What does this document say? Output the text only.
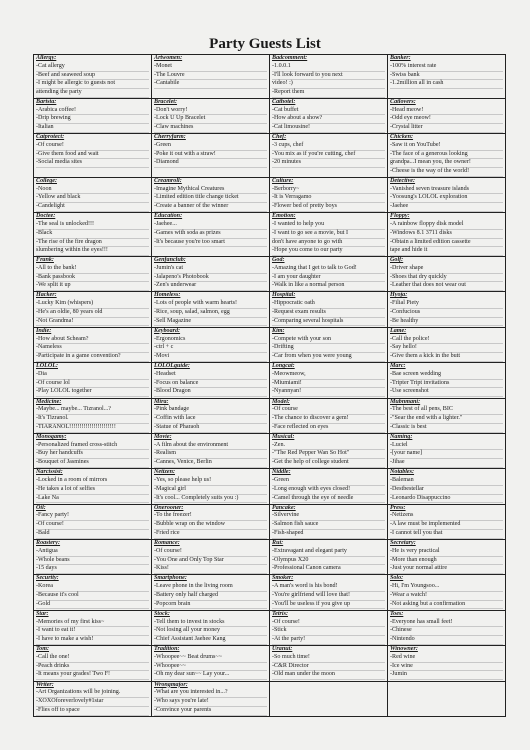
Party Guests List
Allergy:
-Cat allergy
-Beef and seaweed soup
-I might be allergic to guests not
attending the party
Artwomen:
-Monet
-The Louvre
-Cantabile
Badcomment:
-1.0.0.1
-I'll look forward to you next
video! :)
-Report them
Banker:
-100% interest rate
-Swiss bank
-1.2million all in cash
Barista:
-Arabica coffee!
-Drip brewing
-Italian
Bracelet:
-Don't worry!
-Lock U Up Bracelet
-Claw machines
Cathotel:
-Cat buffet
-How about a show?
-Cat limousine!
Catlovers:
-Head meow!
-Odd eye meow!
-Crystal litter
Catprotect:
-Of course!
-Give them food and wait
-Social media sites
Cherryfarm:
-Green
-Poke it out with a straw!
-Diamond
Chef:
-3 cups, chef
-You mix as if you're cutting, chef
-20 minutes
Chicken:
-Saw it on YouTube!
-The face of a generous looking
grandpa...I mean you, the owner!
-Cheese is the way of the world!
College:
-Noon
-Yellow and black
-Candelight
Creamroll:
-Imagine Mythical Creatures
-Limited edition title change ticket
-Create a banner of the winner
Culture:
-Berborry~
-It is Verragamo
-Flower bed of pretty boys
Detective:
-Vanished seven treasure islands
-Yoosung's LOLOL exploration
-Jaehee
Doctee:
-The seal is unlocked!!!
-Black
-The rise of the fire dragon
slumbering within the eyes!!!
Education:
-Jaehee...
-Games with soda as prizes
-It's because you're too smart
Emotion:
-I wanted to help you
-I want to go see a movie, but I
don't have anyone to go with
-Hope you come to our party
Floppy:
-A rainbow floppy disk model
-Windows 8.1 3711 disks
-Obtain a limited edition cassette
tape and hide it
Frank:
-All to the bank!
-Bank passbook
-We split it up
Genfanclub:
-Jumin's cat
-Jalapeno's Photobook
-Zen's underwear
God:
-Amazing that I get to talk to God!
-I am your daughter
-Walk in like a normal person
Golf:
-Driver shape
-Shoes that dry quickly
-Leather that does not wear out
Hacker:
-Lucky Kim (whispers)
-He's an oldie, 80 years old
-Not Grandma!
Homeless:
-Lots of people with warm hearts!
-Rice, soup, salad, salmon, egg
-Sell Magazine
Hospital:
-Hippocratic oath
-Request exam results
-Comparing several hospitals
Hyoja:
-Filial Piety
-Confucious
-Be healthy
Indie:
-How about Scheam?
-Nameless
-Participate in a game convention?
Keyboard:
-Ergonomics
-ctrl + c
-Movi
Kim:
-Compete with your son
-Drifting
-Car from when you were young
Lame:
-Call the police!
-Say hello!
-Give them a kick in the butt
LOLOL:
-Dia
-Of course lol
-Play LOLOL together
LOLOLguide:
-Headset
-Focus on balance
-Blood Dragon
Longcat:
-Meowmeow,
-Miumiami!
-Nyannyan!
Marc:
-Bae screen wedding
-Tripter Tript invitations
-Use screenshot
Medicine:
-Maybe... maybe... Tizranol...?
-It's Tizranol.
-TIARANOL!!!!!!!!!!!!!!!!!!!!!!!
Mira:
-Pink bandage
-Coffin with lace
-Statue of Pharaoh
Model:
-Of course
-The chance to discover a gem!
-Face reflected on eyes
Mubnmani:
-The best of all pens, BIC
-"Sear the end with a lighter."
-Classic is best
Monogamy:
-Personalized framed cross-stitch
-Buy her handcuffs
-Bouquet of Jasmines
Movie:
-A film about the environment
-Realism
-Cannes, Venice, Berlin
Musical:
-Zen.
-"The Red Pepper Wan So Hot"
-Get the help of college student
Naming:
-Luciel
-[your name]
-Jihae
Narcissist:
-Locked in a room of mirrors
-He takes a lot of selfies
-Lake Na
Netizen:
-Yes, so please help us!
-Magical girl
-It's cool... Completely suits you :)
Niddle:
-Green
-Long enough with eyes closed!
-Camel through the eye of needle
Notables:
-Baleman
-Destbestellar
-Leonardo Disappuccino
Oil:
-Fancy party!
-Of course!
-Bald
Onerooner:
-To the freezer!
-Bubble wrap on the window
-Fried rice
Pancake:
-Silvervine
-Salmon fish sauce
-Fish-shaped
Press:
-Netizens
-A law must be implemented
-I cannot tell you that
Roastery:
-Antigua
-Whole beans
-15 days
Romance:
-Of course!
-You One and Only Top Star
-Kiss!
Rui:
-Extravagant and elegant party
-Olympus X20
-Professional Canon camera
Secretary:
-He is very practical
-More than enough
-Just your normal attire
Security:
-Korea
-Because it's cool
-Gold
Smartphone:
-Leave phone in the living room
-Battery only half charged
-Popcorn brain
Smoker:
-A man's word is his bond!
-You're girlfriend will love that!
-You'll be useless if you give up
Solo:
-Hi, I'm Youngsoo...
-Wear a watch!
-Not asking but a confirmation
Star:
-Memories of my first kiss~
-I want to eat it!
-I have to make a wish!
Stock:
-Tell them to invest in stocks
-Not losing all your money
-Chief Assistant Jaehee Kang
Tetris:
-Of course!
-Stick
-At the party!
Toes:
-Everyone has small feet!
-Chinese
-Nintendo
Tom:
-Call the one!
-Peach drinks
-It means your grades! Two F!
Tradition:
-Whoopee~~ Beat drums~~
-Whoopee~~
-Oh my dear sun~~ Lay your...
Uranui:
-So much time!
-C&R Director
-Old man under the moon
Winowner:
-Red wine
-Ice wine
-Jumin
Writer:
-Art Organizations will be joining.
-XOXOforeverlovely#1star
-Flies off to space
Wrongmajor:
-What are you interested in...?
-Who says you're late!
-Convince your parents
